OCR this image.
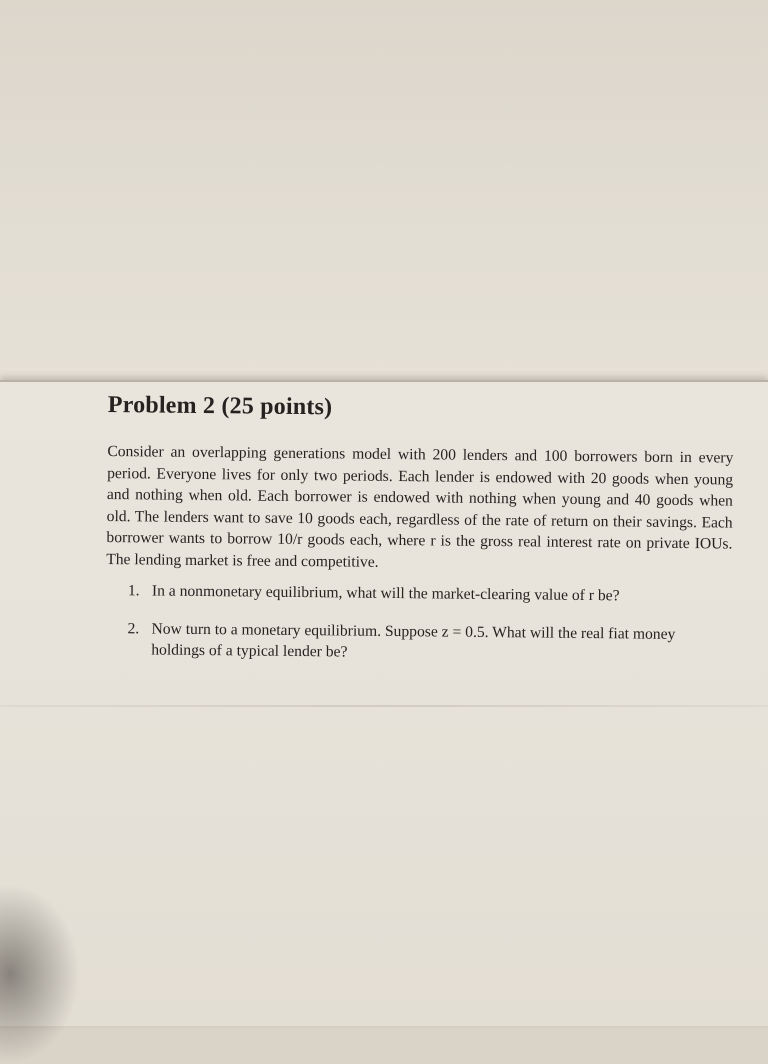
Problem 2 (25 points)

Consider an overlapping generations model with 200 lenders and 100 borrowers born in every period. Everyone lives for only two periods. Each lender is endowed with 20 goods when young and nothing when old. Each borrower is endowed with nothing when young and 40 goods when old. The lenders want to save 10 goods each, regardless of the rate of return on their savings. Each borrower wants to borrow 10/r goods each, where r is the gross real interest rate on private IOUs. The lending market is free and competitive.

1. In a nonmonetary equilibrium, what will the market-clearing value of r be?
2. Now turn to a monetary equilibrium. Suppose z = 0.5. What will the real fiat money holdings of a typical lender be?
